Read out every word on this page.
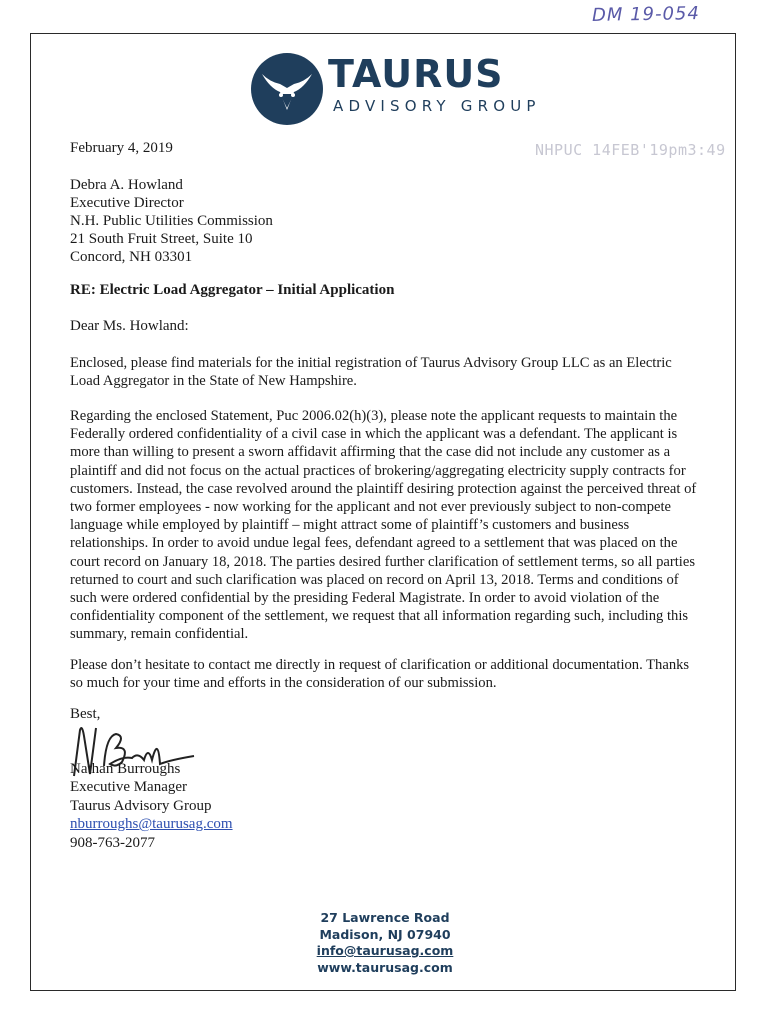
DM 19-054
TAURUS
ADVISORY GROUP
February 4, 2019	NHPUC 14FEB'19pm3:49
Debra A. Howland
Executive Director
N.H. Public Utilities Commission
21 South Fruit Street, Suite 10
Concord, NH 03301
RE: Electric Load Aggregator – Initial Application
Dear Ms. Howland:

Enclosed, please find materials for the initial registration of Taurus Advisory Group LLC as an Electric Load Aggregator in the State of New Hampshire.

Regarding the enclosed Statement, Puc 2006.02(h)(3), please note the applicant requests to maintain the Federally ordered confidentiality of a civil case in which the applicant was a defendant. The applicant is more than willing to present a sworn affidavit affirming that the case did not include any customer as a plaintiff and did not focus on the actual practices of brokering/aggregating electricity supply contracts for customers. Instead, the case revolved around the plaintiff desiring protection against the perceived threat of two former employees - now working for the applicant and not ever previously subject to non-compete language while employed by plaintiff – might attract some of plaintiff’s customers and business relationships. In order to avoid undue legal fees, defendant agreed to a settlement that was placed on the court record on January 18, 2018. The parties desired further clarification of settlement terms, so all parties returned to court and such clarification was placed on record on April 13, 2018. Terms and conditions of such were ordered confidential by the presiding Federal Magistrate. In order to avoid violation of the confidentiality component of the settlement, we request that all information regarding such, including this summary, remain confidential.

Please don’t hesitate to contact me directly in request of clarification or additional documentation. Thanks so much for your time and efforts in the consideration of our submission.

Best,
Nathan Burroughs
Executive Manager
Taurus Advisory Group
nburroughs@taurusag.com
908-763-2077
27 Lawrence Road
Madison, NJ 07940
info@taurusag.com
www.taurusag.com
